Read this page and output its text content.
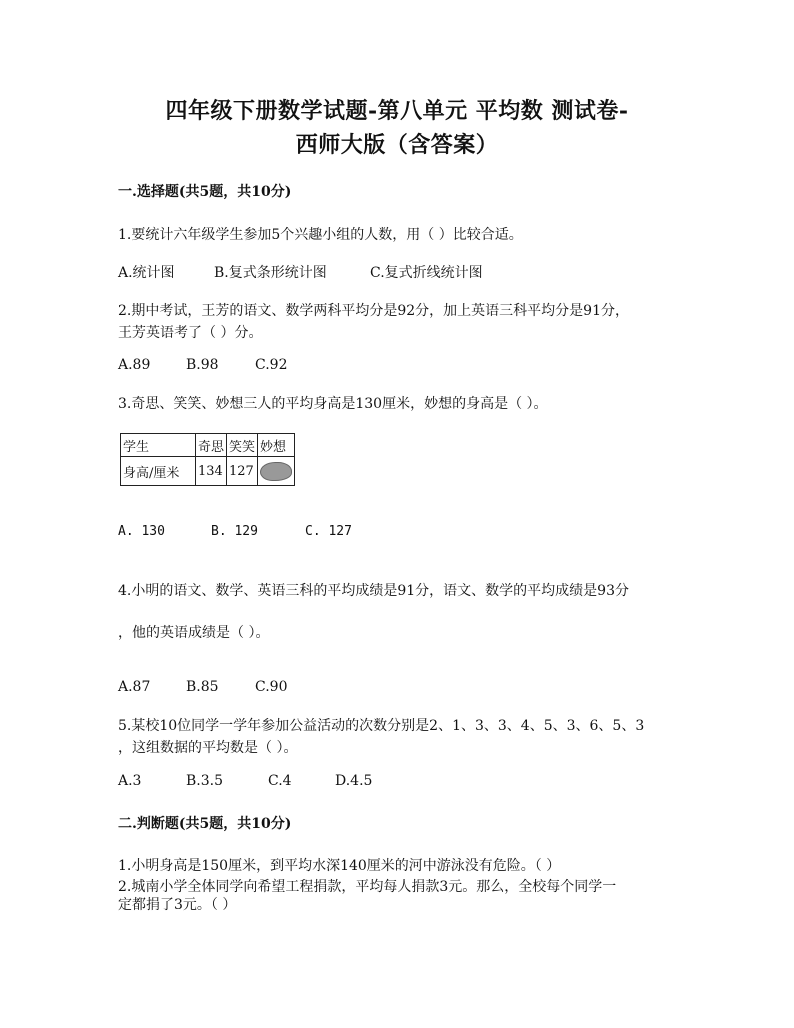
四年级下册数学试题-第八单元 平均数 测试卷-
西师大版（含答案）
一.选择题(共5题，共10分)
1.要统计六年级学生参加5个兴趣小组的人数，用（ ）比较合适。
A.统计图	B.复式条形统计图	C.复式折线统计图
2.期中考试，王芳的语文、数学两科平均分是92分，加上英语三科平均分是91分，
王芳英语考了（ ）分。
A.89	B.98	C.92
3.奇思、笑笑、妙想三人的平均身高是130厘米，妙想的身高是（ ）。
学生	奇思	笑笑	妙想
身高/厘米	134	127	
A. 130	B. 129	C. 127
4.小明的语文、数学、英语三科的平均成绩是91分，语文、数学的平均成绩是93分
，他的英语成绩是（ ）。
A.87	B.85	C.90
5.某校10位同学一学年参加公益活动的次数分别是2、1、3、3、4、5、3、6、5、3
，这组数据的平均数是（ ）。
A.3	B.3.5	C.4	D.4.5
二.判断题(共5题，共10分)
1.小明身高是150厘米，到平均水深140厘米的河中游泳没有危险。（ ）
2.城南小学全体同学向希望工程捐款，平均每人捐款3元。那么，全校每个同学一
定都捐了3元。（ ）
